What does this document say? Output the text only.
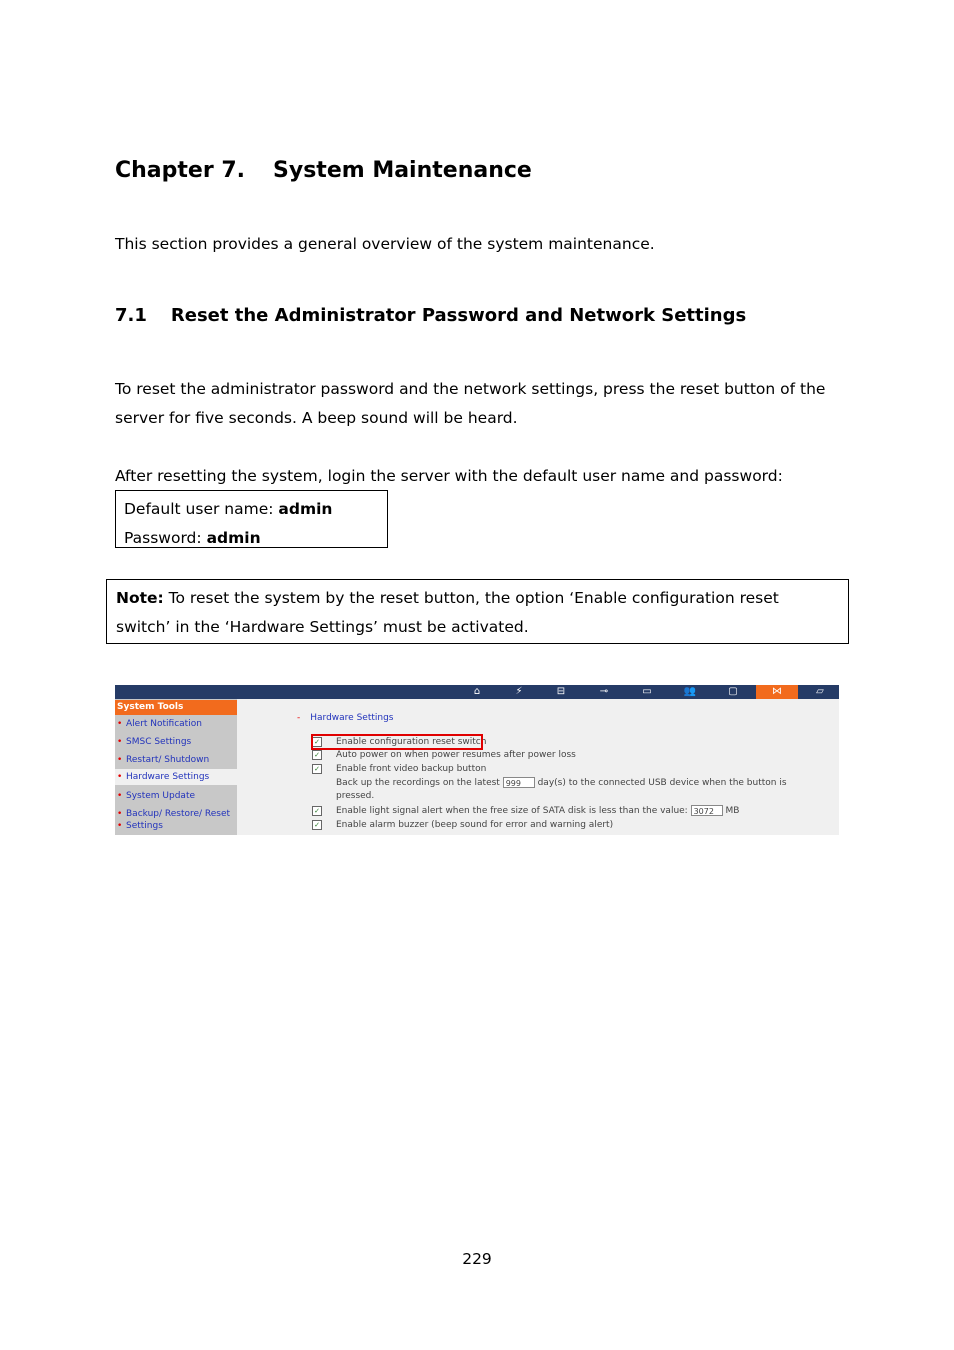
Chapter 7. System Maintenance
This section provides a general overview of the system maintenance.
7.1 Reset the Administrator Password and Network Settings
To reset the administrator password and the network settings, press the reset button of the
server for five seconds. A beep sound will be heard.
After resetting the system, login the server with the default user name and password:
Default user name: admin
Password: admin
Note: To reset the system by the reset button, the option ‘Enable configuration reset
switch’ in the ‘Hardware Settings’ must be activated.
⌂	⚡	⊟	⊸	▭	👥	▢	⋈	▱
System Tools
• Alert Notification
• SMSC Settings
• Restart/ Shutdown
• Hardware Settings
• System Update
• Backup/ Restore/ Reset
• Settings
- Hardware Settings
✓ Enable configuration reset switch
✓ Auto power on when power resumes after power loss
✓ Enable front video backup button
Back up the recordings on the latest 999 day(s) to the connected USB device when the button is
pressed.
✓ Enable light signal alert when the free size of SATA disk is less than the value: 3072 MB
✓ Enable alarm buzzer (beep sound for error and warning alert)
229
